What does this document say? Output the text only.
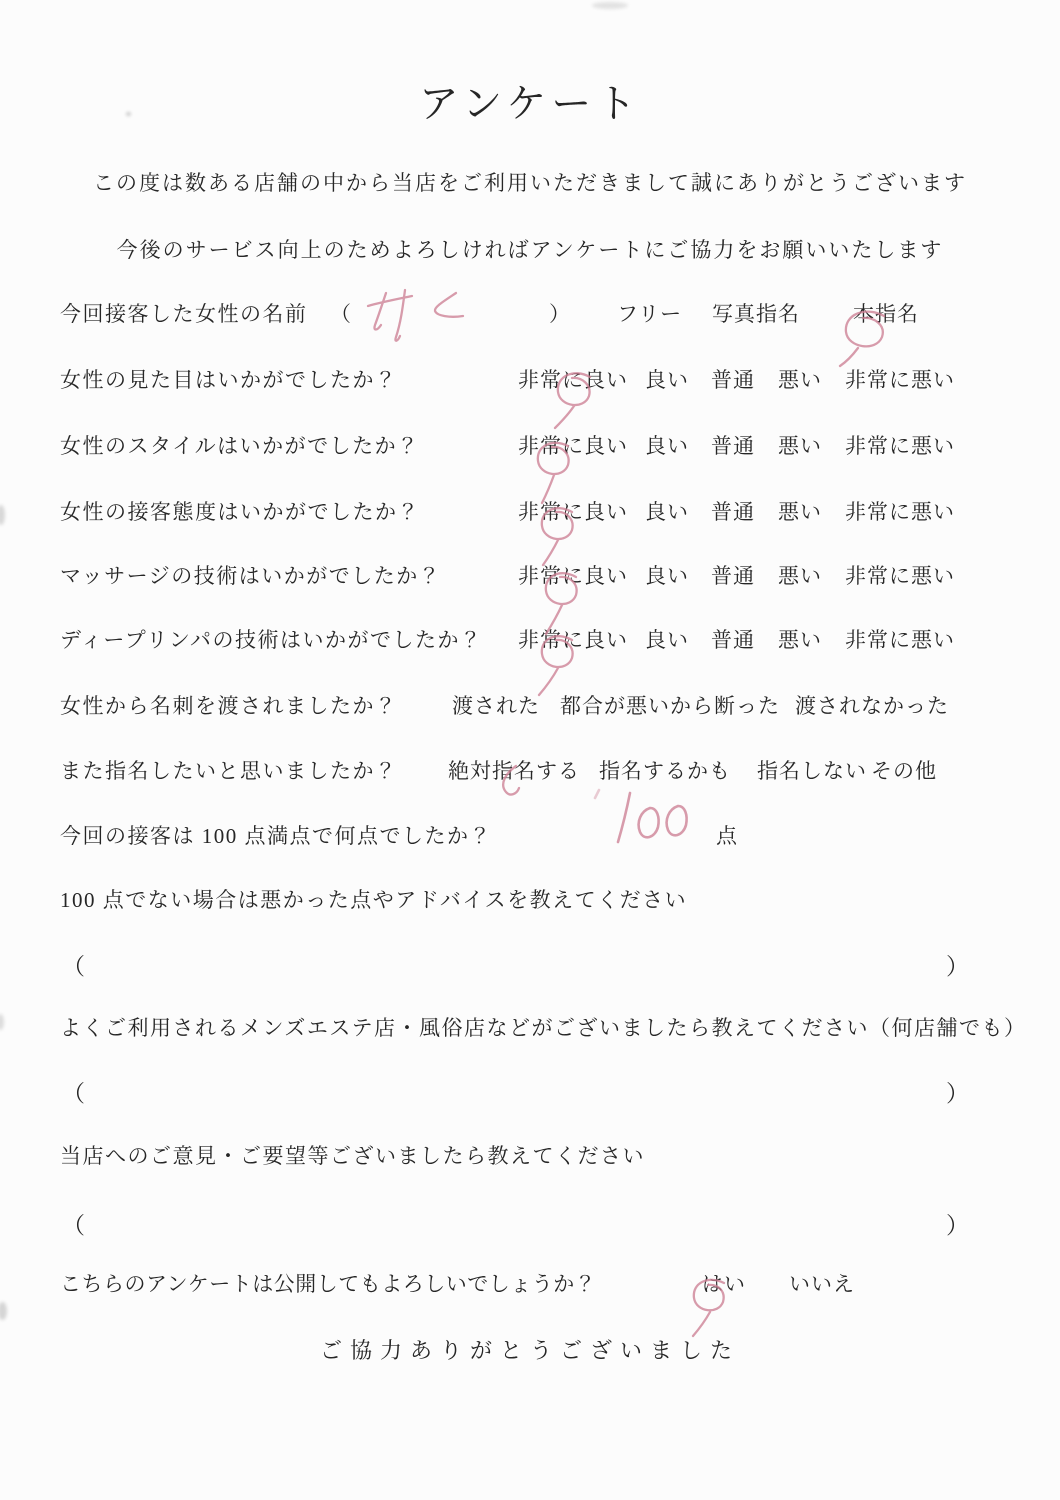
アンケート
この度は数ある店舗の中から当店をご利用いただきまして誠にありがとうございます
今後のサービス向上のためよろしければアンケートにご協力をお願いいたします
今回接客した女性の名前 （	） フリー 写真指名	本指名
女性の見た目はいかがでしたか？	非常に良い 良い 普通 悪い 非常に悪い
女性のスタイルはいかがでしたか？	非常に良い 良い 普通 悪い 非常に悪い
女性の接客態度はいかがでしたか？	非常に良い 良い 普通 悪い 非常に悪い
マッサージの技術はいかがでしたか？	非常に良い 良い 普通 悪い 非常に悪い
ディープリンパの技術はいかがでしたか？ 非常に良い 良い 普通 悪い 非常に悪い
女性から名刺を渡されましたか？	渡された 都合が悪いから断った 渡されなかった
また指名したいと思いましたか？ 絶対指名する 指名するかも 指名しない その他
今回の接客は 100 点満点で何点でしたか？	点
100 点でない場合は悪かった点やアドバイスを教えてください
（	）
よくご利用されるメンズエステ店・風俗店などがございましたら教えてください（何店舗でも）
（	）
当店へのご意見・ご要望等ございましたら教えてください
（	）
こちらのアンケートは公開してもよろしいでしょうか？	はい いいえ
ご協力ありがとうございました
